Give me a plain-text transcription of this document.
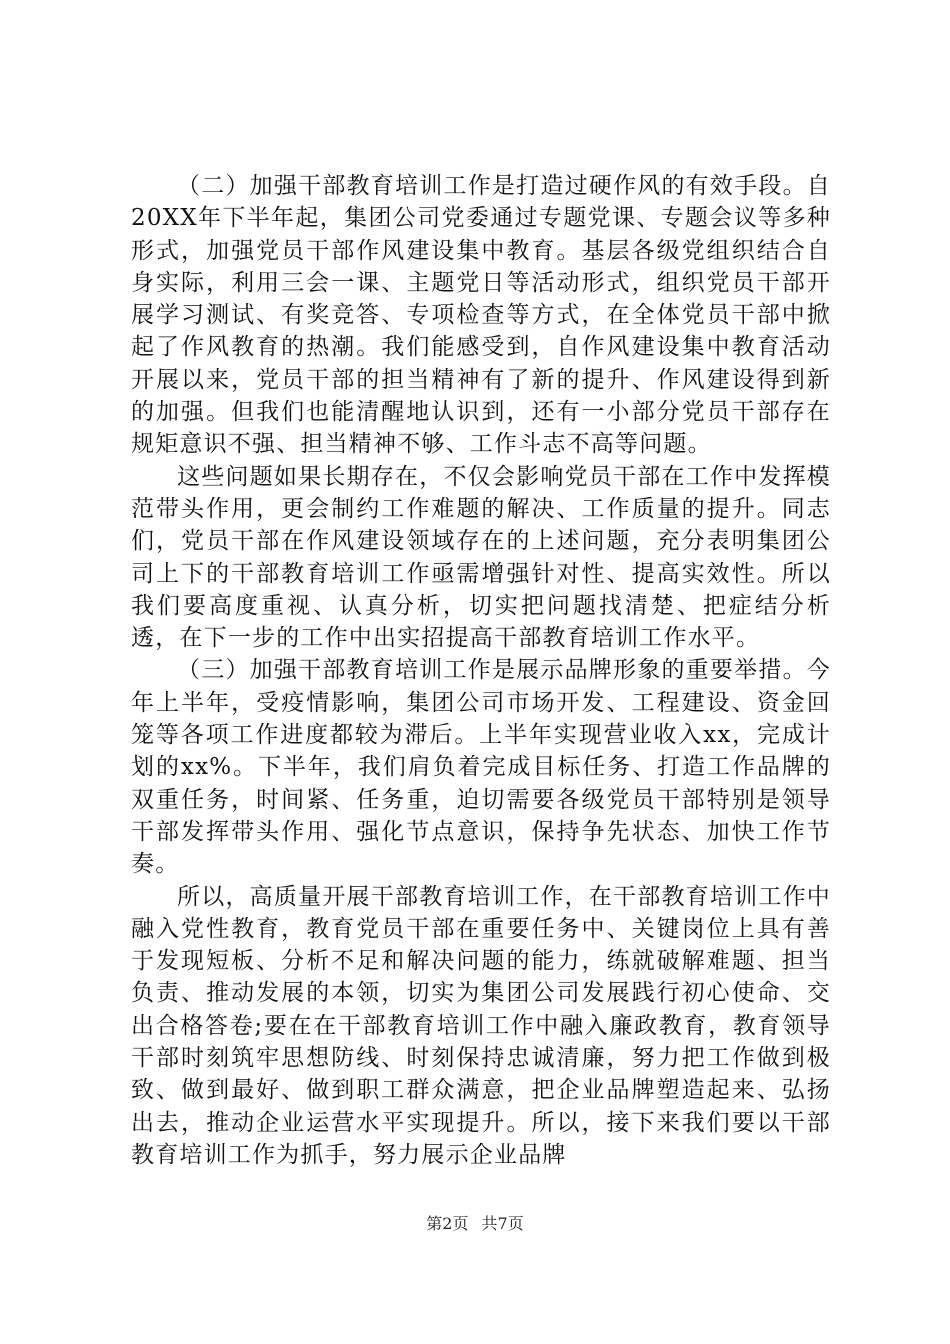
（二）加强干部教育培训工作是打造过硬作风的有效手段。自20XX年下半年起，集团公司党委通过专题党课、专题会议等多种形式，加强党员干部作风建设集中教育。基层各级党组织结合自身实际，利用三会一课、主题党日等活动形式，组织党员干部开展学习测试、有奖竞答、专项检查等方式，在全体党员干部中掀起了作风教育的热潮。我们能感受到，自作风建设集中教育活动开展以来，党员干部的担当精神有了新的提升、作风建设得到新的加强。但我们也能清醒地认识到，还有一小部分党员干部存在规矩意识不强、担当精神不够、工作斗志不高等问题。

这些问题如果长期存在，不仅会影响党员干部在工作中发挥模范带头作用，更会制约工作难题的解决、工作质量的提升。同志们，党员干部在作风建设领域存在的上述问题，充分表明集团公司上下的干部教育培训工作亟需增强针对性、提高实效性。所以我们要高度重视、认真分析，切实把问题找清楚、把症结分析透，在下一步的工作中出实招提高干部教育培训工作水平。

（三）加强干部教育培训工作是展示品牌形象的重要举措。今年上半年，受疫情影响，集团公司市场开发、工程建设、资金回笼等各项工作进度都较为滞后。上半年实现营业收入xx，完成计划的xx%。下半年，我们肩负着完成目标任务、打造工作品牌的双重任务，时间紧、任务重，迫切需要各级党员干部特别是领导干部发挥带头作用、强化节点意识，保持争先状态、加快工作节奏。

所以，高质量开展干部教育培训工作，在干部教育培训工作中融入党性教育，教育党员干部在重要任务中、关键岗位上具有善于发现短板、分析不足和解决问题的能力，练就破解难题、担当负责、推动发展的本领，切实为集团公司发展践行初心使命、交出合格答卷;要在在干部教育培训工作中融入廉政教育，教育领导干部时刻筑牢思想防线、时刻保持忠诚清廉，努力把工作做到极致、做到最好、做到职工群众满意，把企业品牌塑造起来、弘扬出去，推动企业运营水平实现提升。所以，接下来我们要以干部教育培训工作为抓手，努力展示企业品牌

第2页 共7页
